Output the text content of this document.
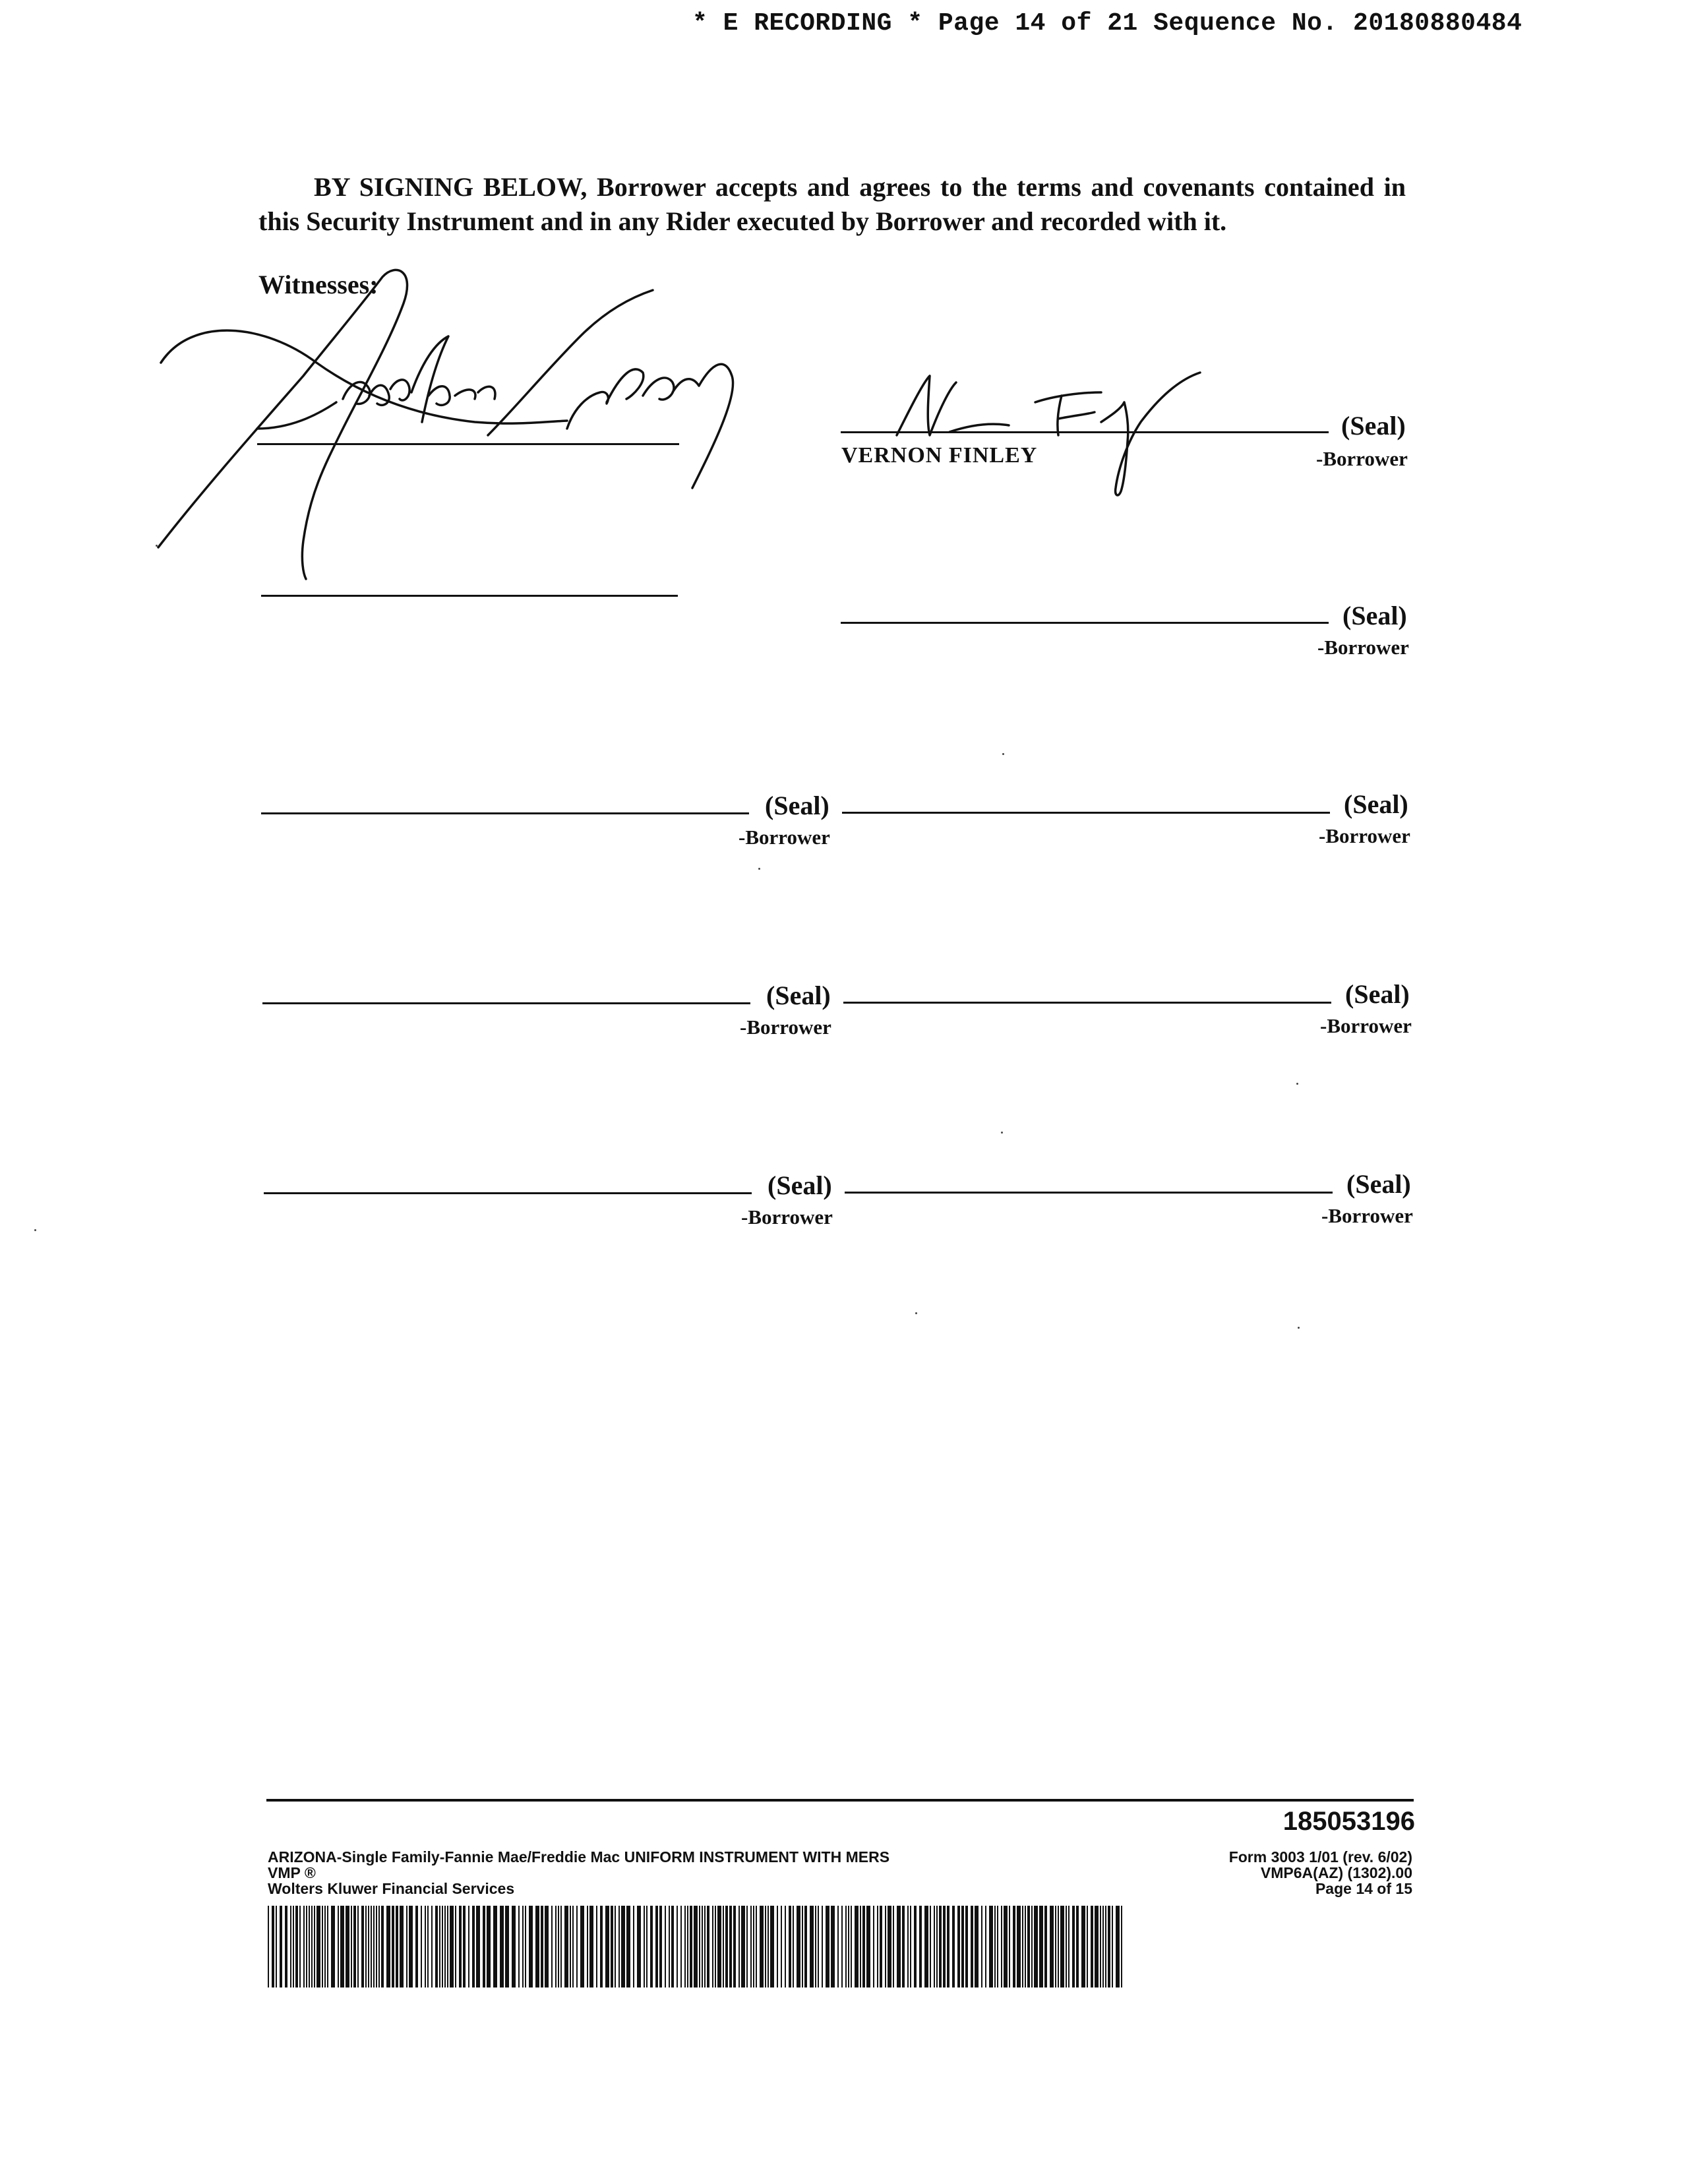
* E RECORDING * Page 14 of 21 Sequence No. 20180880484
BY SIGNING BELOW, Borrower accepts and agrees to the terms and covenants contained in this Security Instrument and in any Rider executed by Borrower and recorded with it.
Witnesses:
(Seal)
VERNON FINLEY	-Borrower
(Seal)
-Borrower
(Seal)
-Borrower
(Seal)
-Borrower
(Seal)
-Borrower
(Seal)
-Borrower
(Seal)
-Borrower
(Seal)
-Borrower
185053196
ARIZONA-Single Family-Fannie Mae/Freddie Mac UNIFORM INSTRUMENT WITH MERS
VMP ®
Wolters Kluwer Financial Services
Form 3003 1/01 (rev. 6/02)
VMP6A(AZ) (1302).00
Page 14 of 15
